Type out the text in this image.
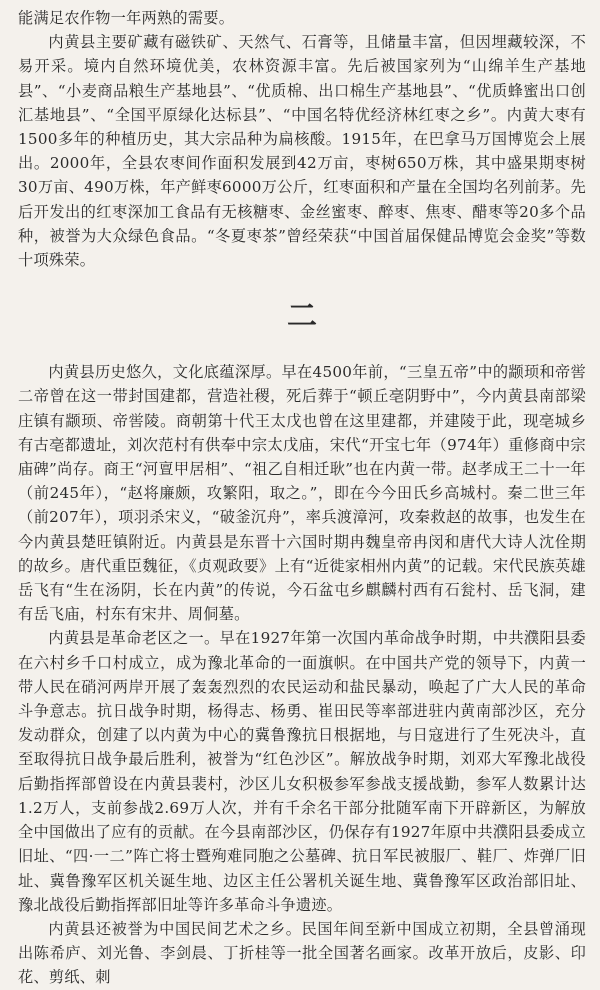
能满足农作物一年两熟的需要。

内黄县主要矿藏有磁铁矿、天然气、石膏等，且储量丰富，但因埋藏较深，不易开采。境内自然环境优美，农林资源丰富。先后被国家列为“山绵羊生产基地县”、“小麦商品粮生产基地县”、“优质棉、出口棉生产基地县”、“优质蜂蜜出口创汇基地县”、“全国平原绿化达标县”、“中国名特优经济林红枣之乡”。内黄大枣有1500多年的种植历史，其大宗品种为扁核酸。1915年，在巴拿马万国博览会上展出。2000年，全县农枣间作面积发展到42万亩，枣树650万株，其中盛果期枣树30万亩、490万株，年产鲜枣6000万公斤，红枣面积和产量在全国均名列前茅。先后开发出的红枣深加工食品有无核糖枣、金丝蜜枣、醉枣、焦枣、醋枣等20多个品种，被誉为大众绿色食品。“冬夏枣茶”曾经荣获“中国首届保健品博览会金奖”等数十项殊荣。

二

内黄县历史悠久，文化底蕴深厚。早在4500年前，“三皇五帝”中的颛顼和帝喾二帝曾在这一带封国建都，营造社稷，死后葬于“顿丘亳阴野中”，今内黄县南部梁庄镇有颛顼、帝喾陵。商朝第十代王太戊也曾在这里建都，并建陵于此，现亳城乡有古亳都遗址，刘次范村有供奉中宗太戊庙，宋代“开宝七年（974年）重修商中宗庙碑”尚存。商王“河亶甲居相”、“祖乙自相迁耿”也在内黄一带。赵孝成王二十一年（前245年），“赵将廉颇，攻繁阳，取之。”，即在今今田氏乡高城村。秦二世三年（前207年），项羽杀宋义，“破釜沉舟”，率兵渡漳河，攻秦救赵的故事，也发生在今内黄县楚旺镇附近。内黄县是东晋十六国时期冉魏皇帝冉闵和唐代大诗人沈佺期的故乡。唐代重臣魏征，《贞观政要》上有“近徙家相州内黄”的记载。宋代民族英雄岳飞有“生在汤阴，长在内黄”的传说，今石盆屯乡麒麟村西有石瓮村、岳飞洞，建有岳飞庙，村东有宋井、周侗墓。

内黄县是革命老区之一。早在1927年第一次国内革命战争时期，中共濮阳县委在六村乡千口村成立，成为豫北革命的一面旗帜。在中国共产党的领导下，内黄一带人民在硝河两岸开展了轰轰烈烈的农民运动和盐民暴动，唤起了广大人民的革命斗争意志。抗日战争时期，杨得志、杨勇、崔田民等率部进驻内黄南部沙区，充分发动群众，创建了以内黄为中心的冀鲁豫抗日根据地，与日寇进行了生死决斗，直至取得抗日战争最后胜利，被誉为“红色沙区”。解放战争时期，刘邓大军豫北战役后勤指挥部曾设在内黄县裴村，沙区儿女积极参军参战支援战勤，参军人数累计达1.2万人，支前参战2.69万人次，并有千余名干部分批随军南下开辟新区，为解放全中国做出了应有的贡献。在今县南部沙区，仍保存有1927年原中共濮阳县委成立旧址、“四·一二”阵亡将士暨殉难同胞之公墓碑、抗日军民被服厂、鞋厂、炸弹厂旧址、冀鲁豫军区机关诞生地、边区主任公署机关诞生地、冀鲁豫军区政治部旧址、豫北战役后勤指挥部旧址等许多革命斗争遗迹。

内黄县还被誉为中国民间艺术之乡。民国年间至新中国成立初期，全县曾涌现出陈希庐、刘光鲁、李剑晨、丁折桂等一批全国著名画家。改革开放后，皮影、印花、剪纸、刺
